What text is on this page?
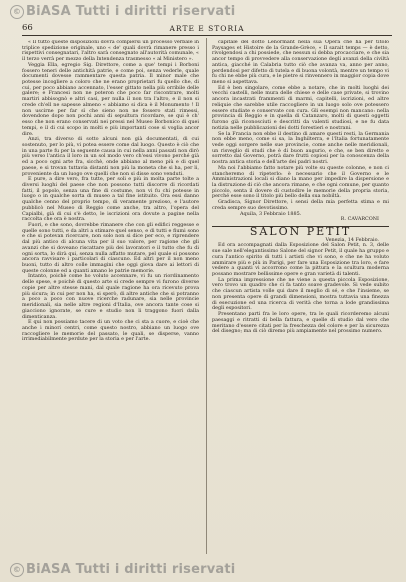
© BiASA Tutti i diritti riservati
66	ARTE E STORIA

« Il tutto queste disposizioni dovrà compiersi un processo verbale in triplice spedizione originale, uno « de' quali dovrà rimanere presso i rispettivi consegnatari, l'altro sarà consegnato all'autorità comunale, « il terzo verrà per mezzo della Intendenza trasmesso « al Ministero ».

Veggia Ella, egregio Sig. Direttore, come a que' tempi i Borboni fossero teneri delle antichità patrie, e come poi, senza vederle, quale documenti dovesse rammentare questa patria. Il minor male che potesse incogliere a coloro che ne erano proprietari fu quello che, di cui, per poco abbiano accennato, l'esser gittato nella più orribile delle galere; e Francesi non ne poteron che poco far riscontrare, molti martiri abbisognò e altri casi, per nulla il non tra l'altro, e il non si crede ch'ell ne sapesse almeno « abbiamo si dica è il Monumento ! Il non uscirne per far sì che sieno non ne fossero stati rimessi, dovendone dopo non pochi anni di sepultura ricordare, se qui è ch' esso che non erano conservati nei pressi nel Museo Borbonico di quei tempi, e il di cui scopo in molti e più importanti cose si voglia ancor dire.

Anzi, tra diverso di sotto alcuni non già documentati, di cui sostenuto, per lo più, vi potea essere come dal luogo. Questo è ciò che in una parte fu per la seguente causa in cui nella anni passati non dirò più verso l'antica il loro in un sol modo vero ch'essi vivono perché già ed a poco ogni arte fra, sicchè, onde abbiano al meno più e di quel paese, e si trovan tuttavia distanti non più la moneta che si ha, per li, proveniente da un luogo ove quelli che non si disse sono venduti.

E pure, a dire vero, fra tutte, per soli e più in molta parte tolte a diversi luoghi del paese che non possono tutti discorre di ricordati fatti, il popolo, senza una fine di costume, non vi fu chi potesse in luogo o in qualche sorta di museo a tal fine istituito. Ora essi danno qualche cenno del proprio tempo, di veramente prezioso, e l'autore pubblicò nel Museo di Reggio come anche, tra altro, l'opera del Capialbi, già di cui s'è detto, le iscrizioni ora dovute a pagine nella raccolta che ora è nostra.

Fuori, e che sono, dovrebbe rimanere che con gli edifici reggesse e quelle sono tutti, e da altri a stimare quel senso, e di tutti e fiumi sono e che si potevan ricercare, non solo non si dice per eco, e riprendere dal più antico di alcuna vita per il suo valore, per ragione che gli avanzi che si doveano riscattare più dei lavoratori e il tutto che fu di ogni sorta, lo dirà qui, senza nulla affatto mutare, pel quale si possono ancora ravvisare i particolari di ciascuno. Ed altri per il non meno buoni, tutto di altro colle immagini che oggi giova dare ai lettori di queste colonne ed a quanti amano le patrie memorie.

Intanto, poichè come ho voluto accennare, vi fu un riordinamento delle spese, e poichè di questo arte si crede sempre vi furono diverse copie per altre stesse mani, dal quale ragione ha ora ricevuto prova più sicura; in cui per non ha, si sperò, di altre antiche che si potranno a poco a poco con nuove ricerche radunare, sia nelle provincie meridionali, sia nelle altre regioni d'Italia, ove ancora tante cose si giacciono ignorate, se cure e studio non li traggono fuori dalla dimenticanza.

E qui non possiamo tacere di un voto che ci sta a cuore, e cioè che anche i minori centri, come questo nostro, abbiano un luogo ove raccogliere le memorie del passato, le quali, se disperse, vanno irrimediabilmente perdute per la storia e per l'arte.

capitale del dotto Lenormant nella sua Opera che ha per titolo Paysages et Histoire de la Grande-Grèce, « Il sarait temps — è detto, rivolgendosi a chi possiede, che nessun si debba procacciare, e che sia ancor tempo di provvedere alla conservazione degli avanzi della civiltà antica, giacché in Calabria tutto ciò che avanza va, anno per anno, perdendosi per difetto di tutela e di buona volontà, mentre un tempo vi fu chi ne ebbe più cura, e le pietre si rinvennero in maggior copia dove meno si aspettava.

Ed è ben singolare, come ebbe a notare, che in molti luoghi dei vecchi castelli, nelle mura delle chiese e delle case private, si trovino ancora incastrati frammenti di marmi, capitelli, iscrizioni, ed altre reliquie che sarebbe utile raccogliere in un luogo solo ove potessero essere studiate e conservate con cura. Gli esempi non mancano: nella provincia di Reggio e in quella di Catanzaro, molti di questi oggetti furono già riconosciuti e descritti da valenti studiosi, e ne fu data notizia nelle pubblicazioni dei dotti forestieri e nostrani.

Se la Francia non ebbe il destino di amare questi resti, la Germania non ebbe meno, come si sa, la Inghilterra, e l'Italia fortunatamente vede oggi sorgere nelle sue provincie, come anche nelle meridionali, un risveglio di studi che è di buon augurio, e che, se ben diretto e sorretto dal Governo, potrà dare frutti copiosi per la conoscenza della nostra antica storia e dell'arte dei padri nostri.

Ma noi l'abbiamo fatto notare più volte su queste colonne, e non ci stancheremo di ripeterlo: è necessario che il Governo e le Amministrazioni locali si diano la mano per impedire la dispersione e la distruzione di ciò che ancora rimane, e che ogni comune, per quanto piccolo, senta il dovere di custodire le memorie della propria storia, perché esse sono il titolo più bello della sua nobiltà.

Gradisca, Signor Direttore, i sensi della mia perfetta stima e mi creda sempre suo devotissimo.

Aquila, 3 Febbraio 1885.

R. CAVARCONI

SALON PETIT

Venezia, 14 Febbraio.

Ed ora accompagnati dalla Esposizione del Salon Petit, n. 3, delle sue sale nell'elegantissimo Salone del signor Petit, il quale ha gruppo e cura l'antico spirito di tutti i artisti che vi sono, e che ne ha voluto ammirare più e più in Parigi, per fare una Esposizione tra loro, e fare vedere a quanti vi accorrono come la pittura e la scultura moderna possano mostrare bellissime opere e gran varietà di talenti.

La prima impressione che ne viene a questa piccola Esposizione, vero trovo un quadro che ci fa tanto soave gradevole. Si vede subito che ciascun artista volle qui dare il meglio di sé, e che l'insieme, se non presenta opere di grandi dimensioni, mostra tuttavia una finezza di esecuzione ed una ricerca di verità che torna a lode grandissima degli espositori.

Presentano parti fra le loro opere, tra le quali ricorderemo alcuni paesaggi e ritratti di bella fattura, e quelle di studio dal vero che meritano d'essere citati per la freschezza del colore e per la sicurezza del disegno; ma di ciò diremo più ampiamente nel prossimo numero.

© BiASA Tutti i diritti riservati
